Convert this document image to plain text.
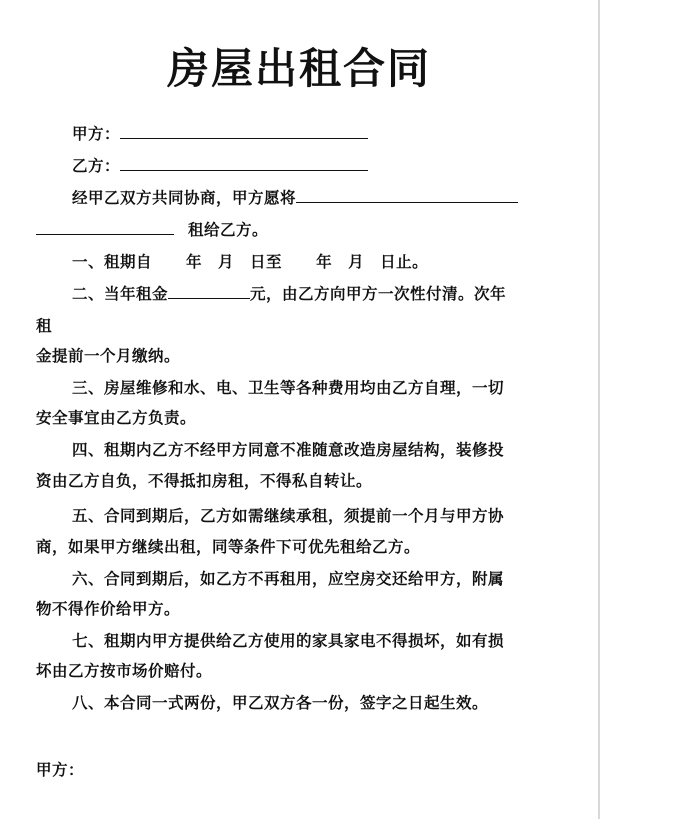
房屋出租合同
甲方：
乙方：
经甲乙双方共同协商，甲方愿将
租给乙方。
一、租期自 年 月 日至 年 月 日止。
二、当年租金	元，由乙方向甲方一次性付清。次年
租
金提前一个月缴纳。
三、房屋维修和水、电、卫生等各种费用均由乙方自理，一切
安全事宜由乙方负责。
四、租期内乙方不经甲方同意不准随意改造房屋结构，装修投
资由乙方自负，不得抵扣房租，不得私自转让。
五、合同到期后，乙方如需继续承租，须提前一个月与甲方协
商，如果甲方继续出租，同等条件下可优先租给乙方。
六、合同到期后，如乙方不再租用，应空房交还给甲方，附属
物不得作价给甲方。
七、租期内甲方提供给乙方使用的家具家电不得损坏，如有损
坏由乙方按市场价赔付。
八、本合同一式两份，甲乙双方各一份，签字之日起生效。
甲方：
